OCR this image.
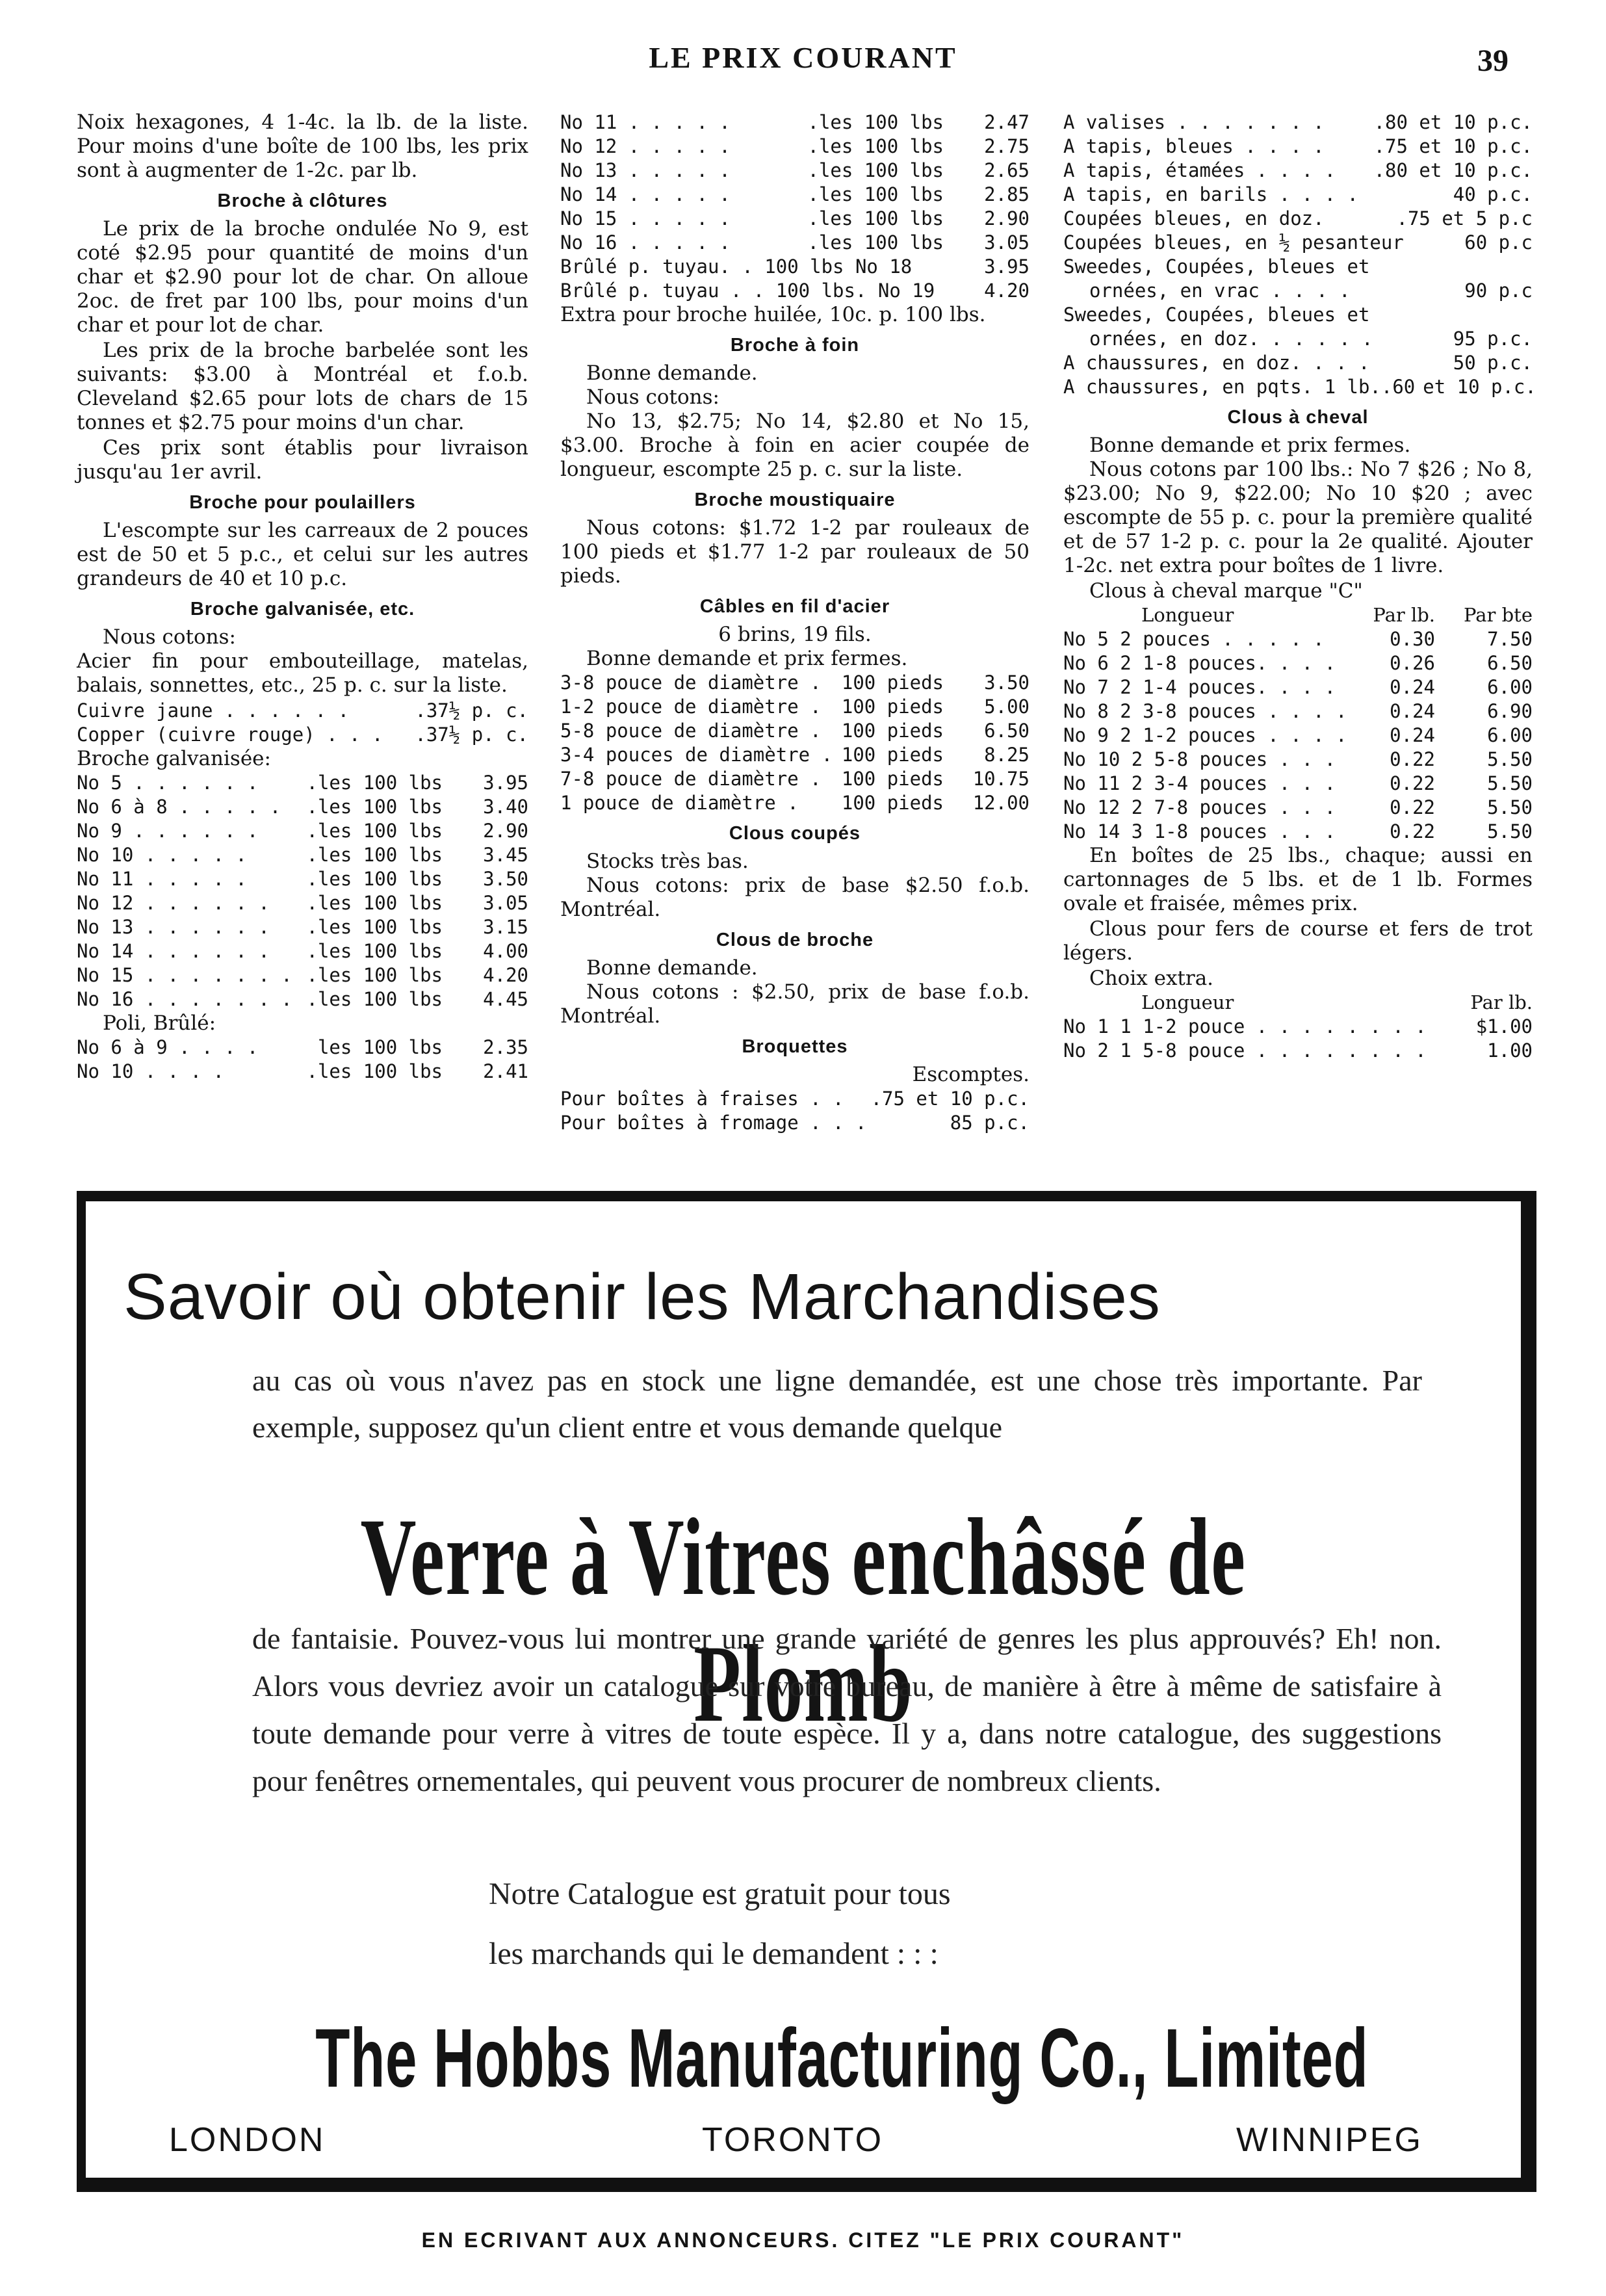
LE PRIX COURANT	39

Noix hexagones, 4 1-4c. la lb. de la liste. Pour moins d'une boîte de 100 lbs, les prix sont à augmenter de 1-2c. par lb.

Broche à clôtures

Le prix de la broche ondulée No 9, est coté $2.95 pour quantité de moins d'un char et $2.90 pour lot de char. On alloue 2oc. de fret par 100 lbs, pour moins d'un char et pour lot de char.

Les prix de la broche barbelée sont les suivants: $3.00 à Montréal et f.o.b. Cleveland $2.65 pour lots de chars de 15 tonnes et $2.75 pour moins d'un char.

Ces prix sont établis pour livraison jusqu'au 1er avril.

Broche pour poulaillers

L'escompte sur les carreaux de 2 pouces est de 50 et 5 p.c., et celui sur les autres grandeurs de 40 et 10 p.c.

Broche galvanisée, etc.

Nous cotons:

Acier fin pour embouteillage, matelas, balais, sonnettes, etc., 25 p. c. sur la liste.

Cuivre jaune . . . . . .	.37½ p. c.
Copper (cuivre rouge) . . .	.37½ p. c.

Broche galvanisée:

No 5 . . . . . .	.les 100 lbs	3.95
No 6 à 8 . . . . .	.les 100 lbs	3.40
No 9 . . . . . .	.les 100 lbs	2.90
No 10 . . . . .	.les 100 lbs	3.45
No 11 . . . . .	.les 100 lbs	3.50
No 12 . . . . . .	.les 100 lbs	3.05
No 13 . . . . . .	.les 100 lbs	3.15
No 14 . . . . . .	.les 100 lbs	4.00
No 15 . . . . . . . .les 100 lbs	4.20
No 16 . . . . . . . .les 100 lbs	4.45

Poli, Brûlé:

No 6 à 9 . . . .	les 100 lbs	2.35
No 10 . . . .	.les 100 lbs	2.41
No 11 . . . . .	.les 100 lbs	2.47
No 12 . . . . .	.les 100 lbs	2.75
No 13 . . . . .	.les 100 lbs	2.65
No 14 . . . . .	.les 100 lbs	2.85
No 15 . . . . .	.les 100 lbs	2.90
No 16 . . . . .	.les 100 lbs	3.05
Brûlé p. tuyau. . 100 lbs No 18	3.95
Brûlé p. tuyau . . 100 lbs. No 19	4.20

Extra pour broche huilée, 10c. p. 100 lbs.

Broche à foin

Bonne demande.

Nous cotons:

No 13, $2.75; No 14, $2.80 et No 15, $3.00. Broche à foin en acier coupée de longueur, escompte 25 p. c. sur la liste.

Broche moustiquaire

Nous cotons: $1.72 1-2 par rouleaux de 100 pieds et $1.77 1-2 par rouleaux de 50 pieds.

Câbles en fil d'acier

6 brins, 19 fils.

Bonne demande et prix fermes.

3-8 pouce de diamètre .	100 pieds	3.50
1-2 pouce de diamètre .	100 pieds	5.00
5-8 pouce de diamètre .	100 pieds	6.50
3-4 pouces de diamètre . 100 pieds	8.25
7-8 pouce de diamètre .	100 pieds	10.75
1 pouce de diamètre .	100 pieds	12.00
Clous coupés

Stocks très bas.

Nous cotons: prix de base $2.50 f.o.b. Montréal.

Clous de broche

Bonne demande.

Nous cotons : $2.50, prix de base f.o.b. Montréal.

Broquettes

Escomptes.

Pour boîtes à fraises . .	.75 et 10 p.c.
Pour boîtes à fromage . . .	85 p.c.
A valises . . . . . . .	.80 et 10 p.c.
A tapis, bleues . . . .	.75 et 10 p.c.
A tapis, étamées . . . .	.80 et 10 p.c.
A tapis, en barils . . . .	40 p.c.
Coupées bleues, en doz.	.75 et 5 p.c
Coupées bleues, en ½ pesanteur	60 p.c
Sweedes, Coupées, bleues et
ornées, en vrac . . . .	90 p.c
Sweedes, Coupées, bleues et
ornées, en doz. . . . . .	95 p.c.
A chaussures, en doz. . . .	50 p.c.
A chaussures, en pqts. 1 lb..60 et 10 p.c.
Clous à cheval

Bonne demande et prix fermes.

Nous cotons par 100 lbs.: No 7 $26 ; No 8, $23.00; No 9, $22.00; No 10 $20 ; avec escompte de 55 p. c. pour la première qualité et de 57 1-2 p. c. pour la 2e qualité. Ajouter 1-2c. net extra pour boîtes de 1 livre.

Clous à cheval marque "C"

Longueur	Par lb.	Par bte
No 5 2 pouces . . . . .	0.30	7.50
No 6 2 1-8 pouces. . . .	0.26	6.50
No 7 2 1-4 pouces. . . .	0.24	6.00
No 8 2 3-8 pouces . . . .	0.24	6.90
No 9 2 1-2 pouces . . . .	0.24	6.00
No 10 2 5-8 pouces . . .	0.22	5.50
No 11 2 3-4 pouces . . .	0.22	5.50
No 12 2 7-8 pouces . . .	0.22	5.50
No 14 3 1-8 pouces . . .	0.22	5.50

En boîtes de 25 lbs., chaque; aussi en cartonnages de 5 lbs. et de 1 lb. Formes ovale et fraisée, mêmes prix.

Clous pour fers de course et fers de trot légers.

Choix extra.

Longueur	Par lb.
No 1 1 1-2 pouce . . . . . . . .	$1.00
No 2 1 5-8 pouce . . . . . . . .	1.00
Savoir où obtenir les Marchandises
au cas où vous n'avez pas en stock une ligne demandée, est une chose très importante. Par exemple, supposez qu'un client entre et vous demande quelque
Verre à Vitres enchâssé de Plomb
de fantaisie. Pouvez-vous lui montrer une grande variété de genres les plus approuvés? Eh! non. Alors vous devriez avoir un catalogue sur votre bureau, de manière à être à même de satisfaire à toute demande pour verre à vitres de toute espèce. Il y a, dans notre catalogue, des suggestions pour fenêtres ornementales, qui peuvent vous procurer de nombreux clients.
Notre Catalogue est gratuit pour tous
les marchands qui le demandent : : :
The Hobbs Manufacturing Co., Limited
LONDON	TORONTO	WINNIPEG
EN ECRIVANT AUX ANNONCEURS. CITEZ "LE PRIX COURANT"
